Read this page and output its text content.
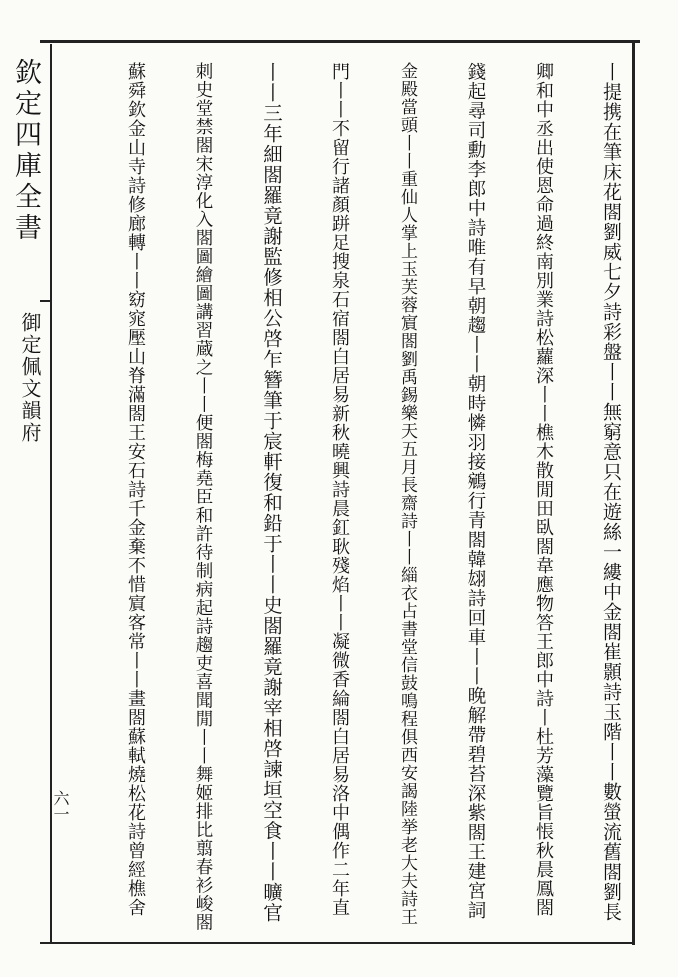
欽定四庫全書
御定佩文韻府
六一	丨提携在筆床花閤劉威七夕詩彩盤丨丨無窮意只在遊絲一縷中金閤崔顥詩玉階丨丨數螢流舊閤劉長
卿和中丞出使恩命過終南別業詩松蘿深丨丨樵木散閒田臥閤韋應物答王郎中詩丨杜芳藻覽旨悵秋晨鳳閤
錢起尋司勳李郎中詩唯有早朝趨丨丨朝時憐羽接鵷行青閤韓翃詩回車丨丨晚解帶碧苔深紫閤王建宮詞
金殿當頭丨丨重仙人掌上玉芙蓉賔閤劉禹錫樂天五月長齋詩丨丨緇衣占書堂信鼓鳴程俱西安謁陸挙老大夫詩王
門丨丨不留行諸顏跰足搜泉石宿閤白居易新秋曉興詩晨釭耿殘焰丨丨凝微香綸閤白居易洛中偶作二年直
丨丨三年細閤羅竟謝監修相公啓乍簪筆于宸軒復和鉛于丨丨史閤羅竟謝宰相啓諫垣空食丨丨曠官
刺史堂禁閤宋淳化入閤圖繪圖講習蔵之丨丨便閤梅堯臣和許待制病起詩趨吏喜聞閒丨丨舞姬排比翦春衫峻閤
蘇舜欽金山寺詩修廊轉丨丨窈窕壓山脊滿閤王安石詩千金棄不惜賔客常丨丨畫閤蘇軾燒松花詩曾經樵舍
